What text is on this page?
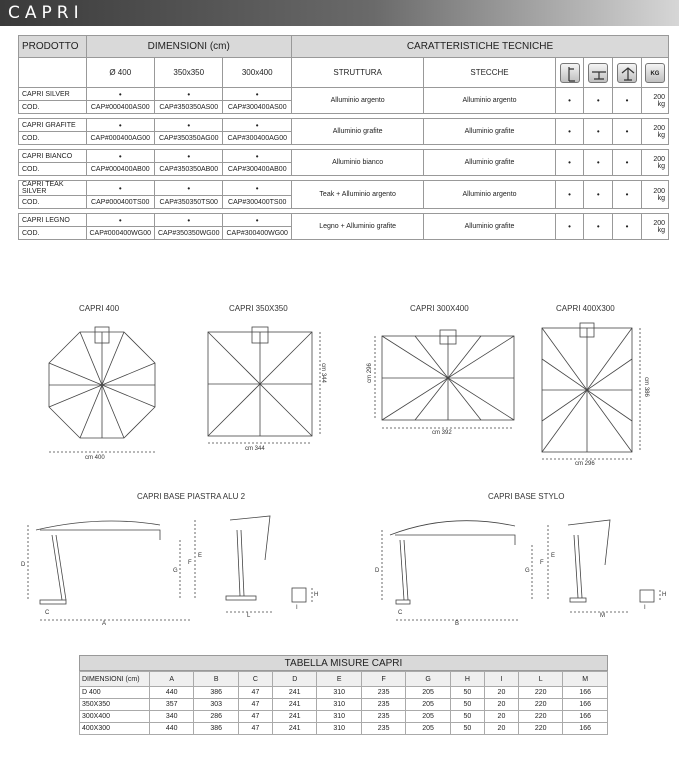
CAPRI
PRODOTTO	DIMENSIONI (cm)			CARATTERISTICHE TECNICHE					
	Ø 400	350x350	300x400	STRUTTURA	STECCHE				KG
CAPRI SILVER	•	•	•	Alluminio argento	Alluminio argento	•	•	•	200 kg
COD.	CAP#000400AS00	CAP#350350AS00	CAP#300400AS00						

CAPRI GRAFITE	•	•	•	Alluminio grafite	Alluminio grafite	•	•	•	200 kg
COD.	CAP#000400AG00	CAP#350350AG00	CAP#300400AG00						

CAPRI BIANCO	•	•	•	Alluminio bianco	Alluminio grafite	•	•	•	200 kg
COD.	CAP#000400AB00	CAP#350350AB00	CAP#300400AB00						

CAPRI TEAK SILVER	•	•	•	Teak + Alluminio argento	Alluminio argento	•	•	•	200 kg
COD.	CAP#000400TS00	CAP#350350TS00	CAP#300400TS00						

CAPRI LEGNO	•	•	•	Legno + Alluminio grafite	Alluminio grafite	•	•	•	200 kg
COD.	CAP#000400WG00	CAP#350350WG00	CAP#300400WG00						
CAPRI 400	CAPRI 350X350	CAPRI 300X400	CAPRI 400X300
cm 400
cm 344
cm 344	cm 296
cm 392
cm 386
cm 296
CAPRI BASE PIASTRA ALU 2	CAPRI BASE STYLO
D
G
F
C
A
E
L
I
H
D	G
F
C
B
E
M
I
H
TABELLA MISURE CAPRI
DIMENSIONI (cm)	A	B	C	D	E	F	G	H	I	L	M
D 400	440	386	47	241	310	235	205	50	20	220	166
350X350	357	303	47	241	310	235	205	50	20	220	166
300X400	340	286	47	241	310	235	205	50	20	220	166
400X300	440	386	47	241	310	235	205	50	20	220	166
